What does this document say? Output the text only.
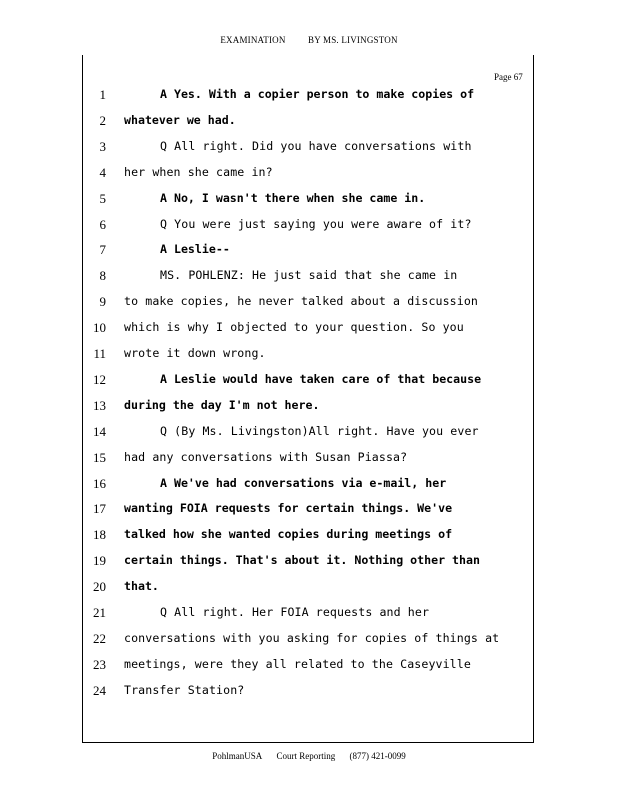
EXAMINATION BY MS. LIVINGSTON
Page 67
1	A Yes. With a copier person to make copies of
2 whatever we had.
3	Q All right. Did you have conversations with
4 her when she came in?
5	A No, I wasn't there when she came in.
6	Q You were just saying you were aware of it?
7	A Leslie--
8	MS. POHLENZ: He just said that she came in
9 to make copies, he never talked about a discussion
10 which is why I objected to your question. So you
11 wrote it down wrong.
12	A Leslie would have taken care of that because
13 during the day I'm not here.
14	Q (By Ms. Livingston)All right. Have you ever
15 had any conversations with Susan Piassa?
16	A We've had conversations via e-mail, her
17 wanting FOIA requests for certain things. We've
18 talked how she wanted copies during meetings of
19 certain things. That's about it. Nothing other than
20 that.
21	Q All right. Her FOIA requests and her
22 conversations with you asking for copies of things at
23 meetings, were they all related to the Caseyville
24 Transfer Station?
PohlmanUSA Court Reporting (877) 421-0099
